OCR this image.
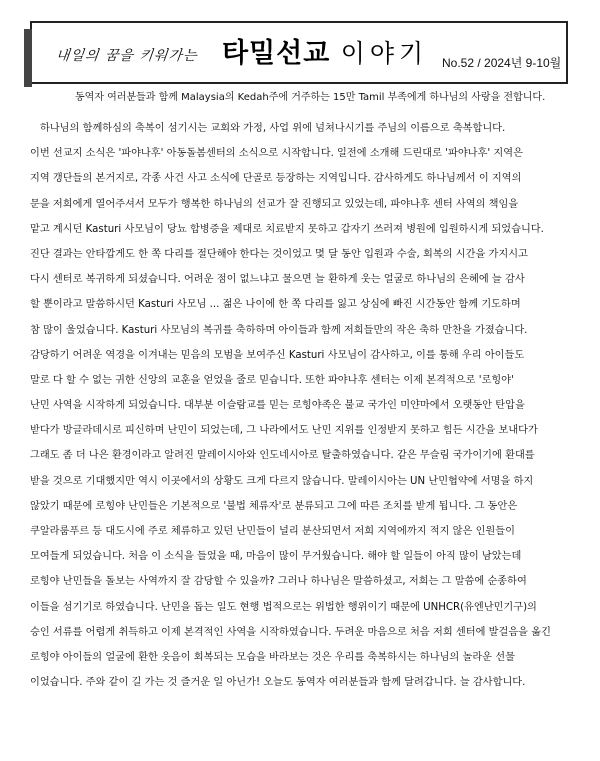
내일의 꿈을 키워가는 타밀선교 이야기 No.52 / 2024년 9-10월
동역자 여러분들과 함께 Malaysia의 Kedah주에 거주하는 15만 Tamil 부족에게 하나님의 사랑을 전합니다.
하나님의 함께하심의 축복이 섬기시는 교회와 가정, 사업 위에 넘쳐나시기를 주님의 이름으로 축복합니다.
이번 선교지 소식은 '파야나후' 아동돌봄센터의 소식으로 시작합니다. 일전에 소개해 드린대로 '파야나후' 지역은
지역 갱단들의 본거지로, 각종 사건 사고 소식에 단골로 등장하는 지역입니다. 감사하게도 하나님께서 이 지역의
문을 저희에게 열어주셔서 모두가 행복한 하나님의 선교가 잘 진행되고 있었는데, 파야나후 센터 사역의 책임을
맡고 계시던 Kasturi 사모님이 당뇨 합병증을 제대로 치료받지 못하고 갑자기 쓰러져 병원에 입원하시게 되었습니다.
진단 결과는 안타깝게도 한 쪽 다리를 절단해야 한다는 것이었고 몇 달 동안 입원과 수술, 회복의 시간을 가지시고
다시 센터로 복귀하게 되셨습니다. 어려운 점이 없느냐고 물으면 늘 환하게 웃는 얼굴로 하나님의 은혜에 늘 감사
할 뿐이라고 말씀하시던 Kasturi 사모님 ... 젊은 나이에 한 쪽 다리를 잃고 상심에 빠진 시간동안 함께 기도하며
참 많이 울었습니다. Kasturi 사모님의 복귀를 축하하며 아이들과 함께 저희들만의 작은 축하 만찬을 가졌습니다.
감당하기 어려운 역경을 이겨내는 믿음의 모범을 보여주신 Kasturi 사모님이 감사하고, 이를 통해 우리 아이들도
말로 다 할 수 없는 귀한 신앙의 교훈을 얻었을 줄로 믿습니다. 또한 파야나후 센터는 이제 본격적으로 '로힝야'
난민 사역을 시작하게 되었습니다. 대부분 이슬람교를 믿는 로힝야족은 불교 국가인 미얀마에서 오랫동안 탄압을
받다가 방글라데시로 피신하며 난민이 되었는데, 그 나라에서도 난민 지위를 인정받지 못하고 힘든 시간을 보내다가
그래도 좀 더 나은 환경이라고 알려진 말레이시아와 인도네시아로 탈출하였습니다. 같은 무슬림 국가이기에 환대를
받을 것으로 기대했지만 역시 이곳에서의 상황도 크게 다르지 않습니다. 말레이시아는 UN 난민협약에 서명을 하지
않았기 때문에 로힝야 난민들은 기본적으로 '불법 체류자'로 분류되고 그에 따른 조치를 받게 됩니다. 그 동안은
쿠알라룸푸르 등 대도시에 주로 체류하고 있던 난민들이 널리 분산되면서 저희 지역에까지 적지 않은 인원들이
모여들게 되었습니다. 처음 이 소식을 들었을 때, 마음이 많이 무거웠습니다. 해야 할 일들이 아직 많이 남았는데
로힝야 난민들을 돌보는 사역까지 잘 감당할 수 있을까? 그러나 하나님은 말씀하셨고, 저희는 그 말씀에 순종하여
이들을 섬기기로 하였습니다. 난민을 돕는 일도 현행 법적으로는 위법한 행위이기 때문에 UNHCR(유엔난민기구)의
승인 서류를 어렵게 취득하고 이제 본격적인 사역을 시작하였습니다. 두려운 마음으로 처음 저희 센터에 발걸음을 옮긴
로힝야 아이들의 얼굴에 환한 웃음이 회복되는 모습을 바라보는 것은 우리를 축복하시는 하나님의 놀라운 선물
이었습니다. 주와 같이 길 가는 것 즐거운 일 아닌가! 오늘도 동역자 여러분들과 함께 달려갑니다. 늘 감사합니다.
